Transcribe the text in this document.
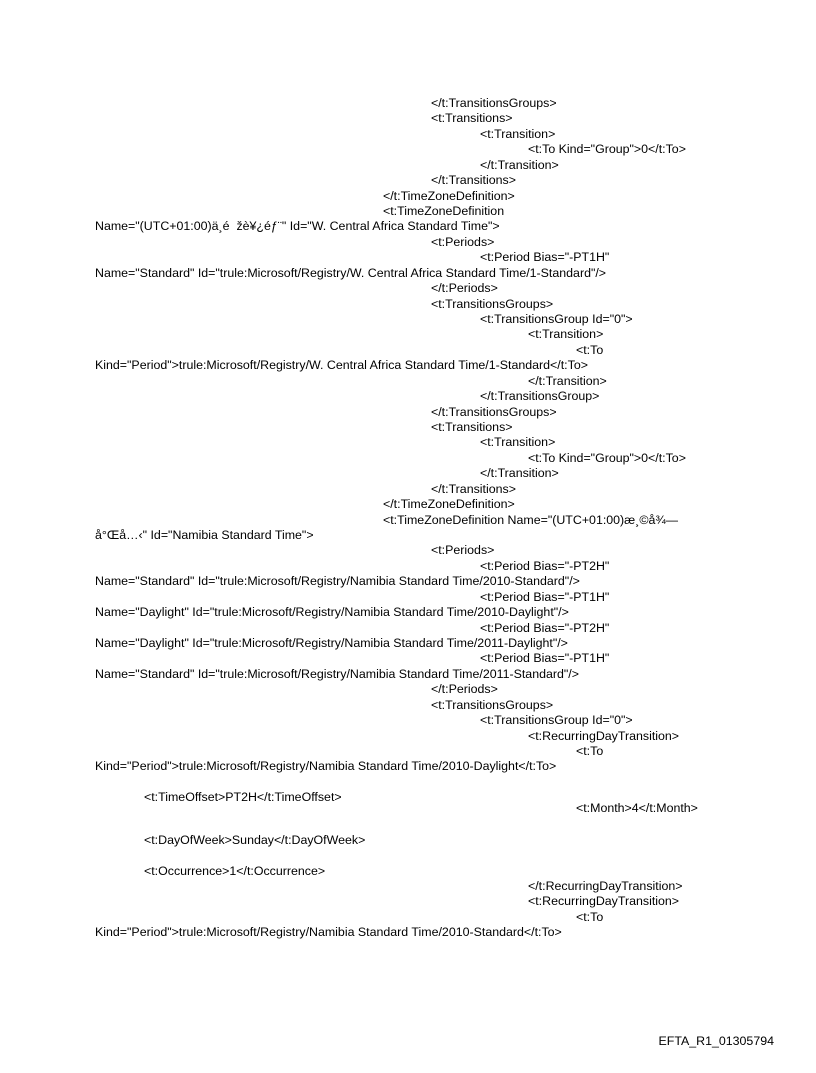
</t:TransitionsGroups>
<t:Transitions>
<t:Transition>
<t:To Kind="Group">0</t:To>
</t:Transition>
</t:Transitions>
</t:TimeZoneDefinition>
<t:TimeZoneDefinition
Name="(UTC+01:00)ä¸é  žè¥¿éƒ¨" Id="W. Central Africa Standard Time">
<t:Periods>
<t:Period Bias="-PT1H"
Name="Standard" Id="trule:Microsoft/Registry/W. Central Africa Standard Time/1-Standard"/>
</t:Periods>
<t:TransitionsGroups>
<t:TransitionsGroup Id="0">
<t:Transition>
<t:To
Kind="Period">trule:Microsoft/Registry/W. Central Africa Standard Time/1-Standard</t:To>
</t:Transition>
</t:TransitionsGroup>
</t:TransitionsGroups>
<t:Transitions>
<t:Transition>
<t:To Kind="Group">0</t:To>
</t:Transition>
</t:Transitions>
</t:TimeZoneDefinition>
<t:TimeZoneDefinition Name="(UTC+01:00)æ¸©å¾—
å°Œå…‹" Id="Namibia Standard Time">
<t:Periods>
<t:Period Bias="-PT2H"
Name="Standard" Id="trule:Microsoft/Registry/Namibia Standard Time/2010-Standard"/>
<t:Period Bias="-PT1H"
Name="Daylight" Id="trule:Microsoft/Registry/Namibia Standard Time/2010-Daylight"/>
<t:Period Bias="-PT2H"
Name="Daylight" Id="trule:Microsoft/Registry/Namibia Standard Time/2011-Daylight"/>
<t:Period Bias="-PT1H"
Name="Standard" Id="trule:Microsoft/Registry/Namibia Standard Time/2011-Standard"/>
</t:Periods>
<t:TransitionsGroups>
<t:TransitionsGroup Id="0">
<t:RecurringDayTransition>
<t:To
Kind="Period">trule:Microsoft/Registry/Namibia Standard Time/2010-Daylight</t:To>
<t:TimeOffset>PT2H</t:TimeOffset>
<t:Month>4</t:Month>
<t:DayOfWeek>Sunday</t:DayOfWeek>
<t:Occurrence>1</t:Occurrence>
</t:RecurringDayTransition>
<t:RecurringDayTransition>
<t:To
Kind="Period">trule:Microsoft/Registry/Namibia Standard Time/2010-Standard</t:To>
EFTA_R1_01305794
